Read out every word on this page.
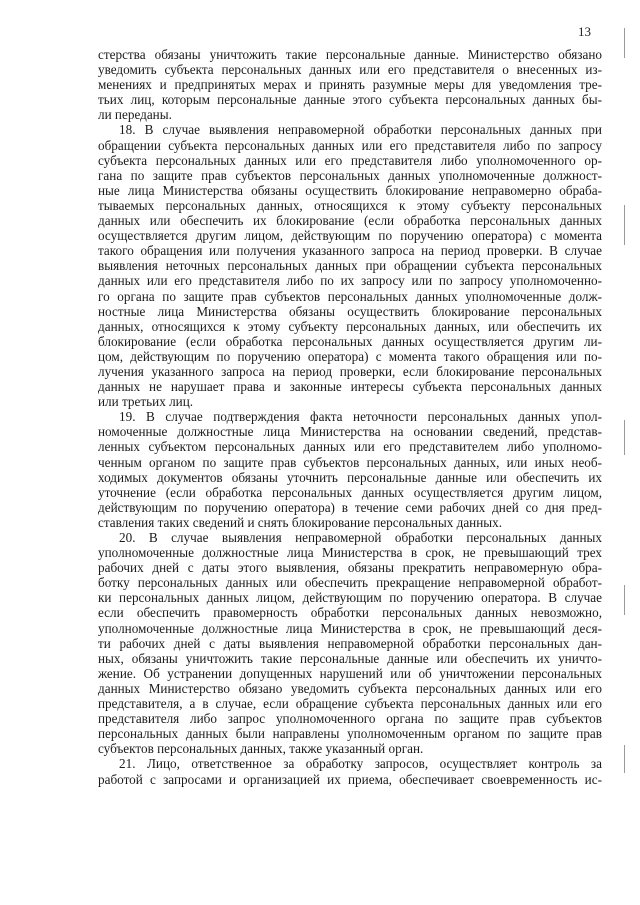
13
стерства обязаны уничтожить такие персональные данные. Министерство обязано
уведомить субъекта персональных данных или его представителя о внесенных из-
менениях и предпринятых мерах и принять разумные меры для уведомления тре-
тьих лиц, которым персональные данные этого субъекта персональных данных бы-
ли переданы.
18. В случае выявления неправомерной обработки персональных данных при
обращении субъекта персональных данных или его представителя либо по запросу
субъекта персональных данных или его представителя либо уполномоченного ор-
гана по защите прав субъектов персональных данных уполномоченные должност-
ные лица Министерства обязаны осуществить блокирование неправомерно обраба-
тываемых персональных данных, относящихся к этому субъекту персональных
данных или обеспечить их блокирование (если обработка персональных данных
осуществляется другим лицом, действующим по поручению оператора) с момента
такого обращения или получения указанного запроса на период проверки. В случае
выявления неточных персональных данных при обращении субъекта персональных
данных или его представителя либо по их запросу или по запросу уполномоченно-
го органа по защите прав субъектов персональных данных уполномоченные долж-
ностные лица Министерства обязаны осуществить блокирование персональных
данных, относящихся к этому субъекту персональных данных, или обеспечить их
блокирование (если обработка персональных данных осуществляется другим ли-
цом, действующим по поручению оператора) с момента такого обращения или по-
лучения указанного запроса на период проверки, если блокирование персональных
данных не нарушает права и законные интересы субъекта персональных данных
или третьих лиц.
19. В случае подтверждения факта неточности персональных данных упол-
номоченные должностные лица Министерства на основании сведений, представ-
ленных субъектом персональных данных или его представителем либо уполномо-
ченным органом по защите прав субъектов персональных данных, или иных необ-
ходимых документов обязаны уточнить персональные данные или обеспечить их
уточнение (если обработка персональных данных осуществляется другим лицом,
действующим по поручению оператора) в течение семи рабочих дней со дня пред-
ставления таких сведений и снять блокирование персональных данных.
20. В случае выявления неправомерной обработки персональных данных
уполномоченные должностные лица Министерства в срок, не превышающий трех
рабочих дней с даты этого выявления, обязаны прекратить неправомерную обра-
ботку персональных данных или обеспечить прекращение неправомерной обработ-
ки персональных данных лицом, действующим по поручению оператора. В случае
если обеспечить правомерность обработки персональных данных невозможно,
уполномоченные должностные лица Министерства в срок, не превышающий деся-
ти рабочих дней с даты выявления неправомерной обработки персональных дан-
ных, обязаны уничтожить такие персональные данные или обеспечить их уничто-
жение. Об устранении допущенных нарушений или об уничтожении персональных
данных Министерство обязано уведомить субъекта персональных данных или его
представителя, а в случае, если обращение субъекта персональных данных или его
представителя либо запрос уполномоченного органа по защите прав субъектов
персональных данных были направлены уполномоченным органом по защите прав
субъектов персональных данных, также указанный орган.
21. Лицо, ответственное за обработку запросов, осуществляет контроль за
работой с запросами и организацией их приема, обеспечивает своевременность ис-
